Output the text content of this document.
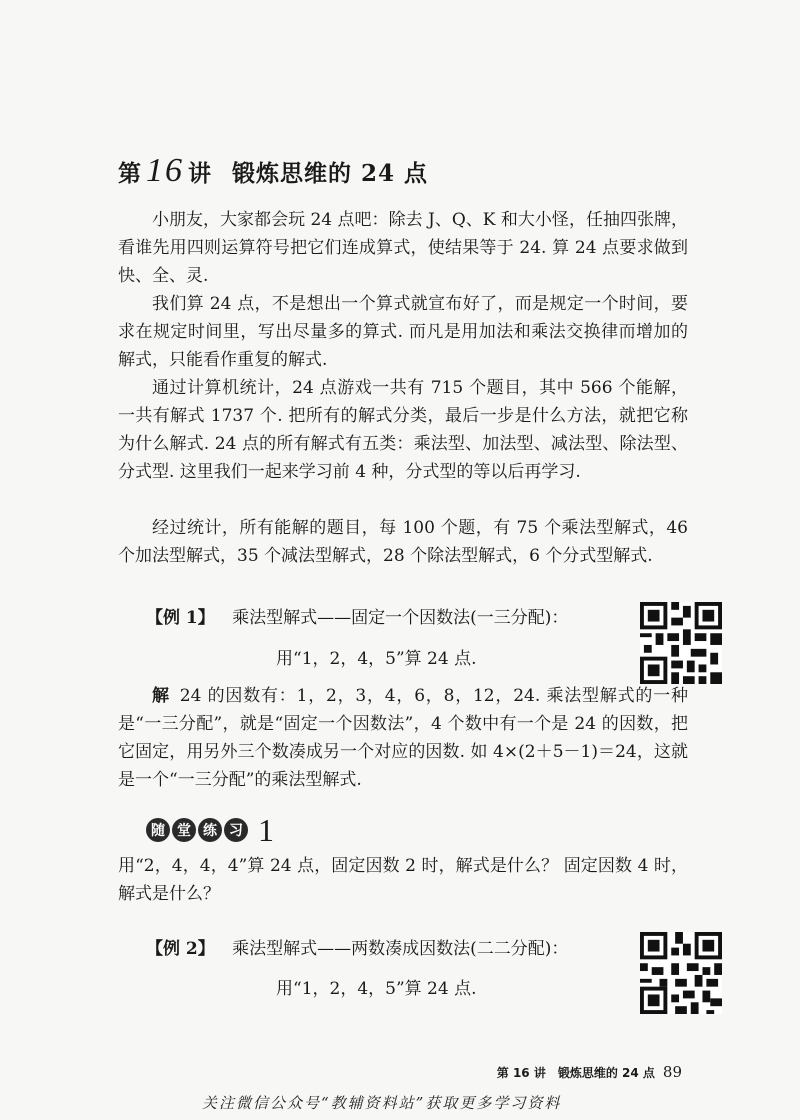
第 16 讲 锻炼思维的 24 点

小朋友，大家都会玩 24 点吧：除去 J、Q、K 和大小怪，任抽四张牌，看谁先用四则运算符号把它们连成算式，使结果等于 24. 算 24 点要求做到快、全、灵.

我们算 24 点，不是想出一个算式就宣布好了，而是规定一个时间，要求在规定时间里，写出尽量多的算式. 而凡是用加法和乘法交换律而增加的解式，只能看作重复的解式.

通过计算机统计，24 点游戏一共有 715 个题目，其中 566 个能解，一共有解式 1737 个. 把所有的解式分类，最后一步是什么方法，就把它称为什么解式. 24 点的所有解式有五类：乘法型、加法型、减法型、除法型、分式型. 这里我们一起来学习前 4 种，分式型的等以后再学习.

经过统计，所有能解的题目，每 100 个题，有 75 个乘法型解式，46 个加法型解式，35 个减法型解式，28 个除法型解式，6 个分式型解式.

【例 1】 乘法型解式——固定一个因数法(一三分配)：
用“1，2，4，5”算 24 点.

解 24 的因数有：1，2，3，4，6，8，12，24. 乘法型解式的一种是“一三分配”，就是“固定一个因数法”，4 个数中有一个是 24 的因数，把它固定，用另外三个数凑成另一个对应的因数. 如 4×(2＋5－1)＝24，这就是一个“一三分配”的乘法型解式.

随 堂 练 习 1

用“2，4，4，4”算 24 点，固定因数 2 时，解式是什么？ 固定因数 4 时，解式是什么？

【例 2】 乘法型解式——两数凑成因数法(二二分配)：
用“1，2，4，5”算 24 点.
第 16 讲　锻炼思维的 24 点 89
关注微信公众号“教辅资料站”获取更多学习资料
